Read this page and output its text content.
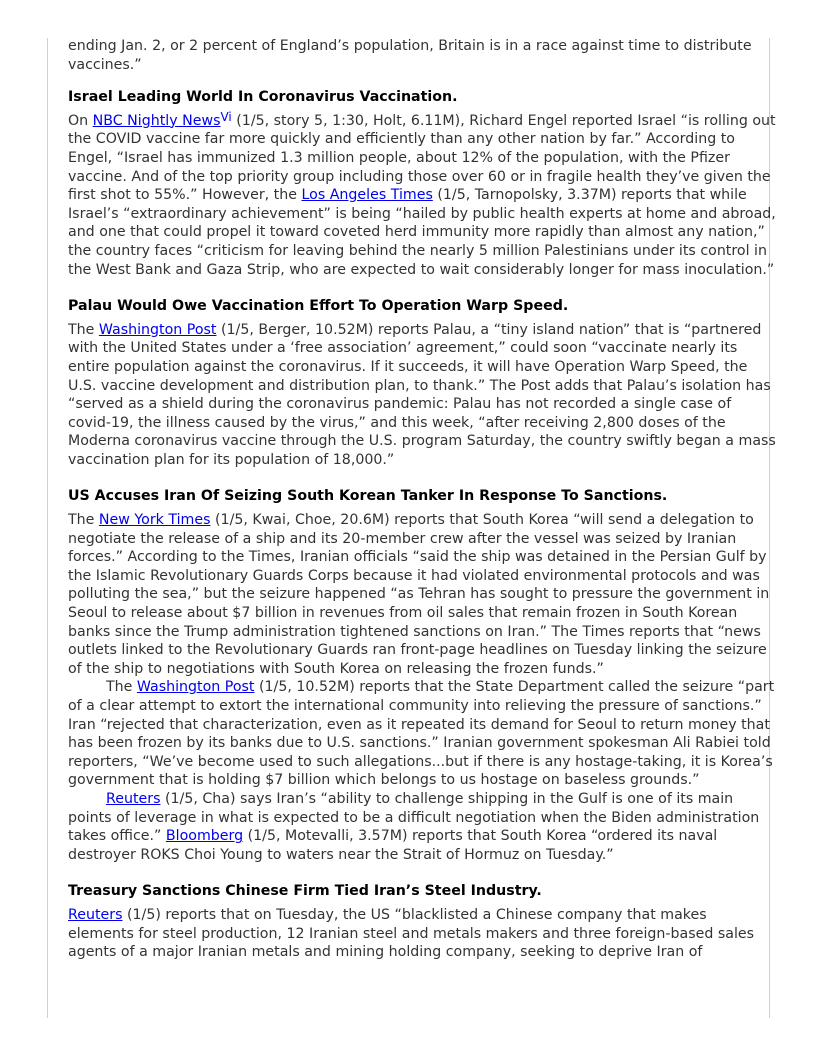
ending Jan. 2, or 2 percent of England’s population, Britain is in a race against time to distribute vaccines.”

Israel Leading World In Coronavirus Vaccination.

On NBC Nightly News$^{Vi}$ (1/5, story 5, 1:30, Holt, 6.11M), Richard Engel reported Israel “is rolling out the COVID vaccine far more quickly and efficiently than any other nation by far.” According to Engel, “Israel has immunized 1.3 million people, about 12% of the population, with the Pfizer vaccine. And of the top priority group including those over 60 or in fragile health they’ve given the first shot to 55%.” However, the Los Angeles Times (1/5, Tarnopolsky, 3.37M) reports that while Israel’s “extraordinary achievement” is being “hailed by public health experts at home and abroad, and one that could propel it toward coveted herd immunity more rapidly than almost any nation,” the country faces “criticism for leaving behind the nearly 5 million Palestinians under its control in the West Bank and Gaza Strip, who are expected to wait considerably longer for mass inoculation.”

Palau Would Owe Vaccination Effort To Operation Warp Speed.

The Washington Post (1/5, Berger, 10.52M) reports Palau, a “tiny island nation” that is “partnered with the United States under a ‘free association’ agreement,” could soon “vaccinate nearly its entire population against the coronavirus. If it succeeds, it will have Operation Warp Speed, the U.S. vaccine development and distribution plan, to thank.” The Post adds that Palau’s isolation has “served as a shield during the coronavirus pandemic: Palau has not recorded a single case of covid-19, the illness caused by the virus,” and this week, “after receiving 2,800 doses of the Moderna coronavirus vaccine through the U.S. program Saturday, the country swiftly began a mass vaccination plan for its population of 18,000.”

US Accuses Iran Of Seizing South Korean Tanker In Response To Sanctions.

The New York Times (1/5, Kwai, Choe, 20.6M) reports that South Korea “will send a delegation to negotiate the release of a ship and its 20-member crew after the vessel was seized by Iranian forces.” According to the Times, Iranian officials “said the ship was detained in the Persian Gulf by the Islamic Revolutionary Guards Corps because it had violated environmental protocols and was polluting the sea,” but the seizure happened “as Tehran has sought to pressure the government in Seoul to release about $7 billion in revenues from oil sales that remain frozen in South Korean banks since the Trump administration tightened sanctions on Iran.” The Times reports that “news outlets linked to the Revolutionary Guards ran front-page headlines on Tuesday linking the seizure of the ship to negotiations with South Korea on releasing the frozen funds.”

The Washington Post (1/5, 10.52M) reports that the State Department called the seizure “part of a clear attempt to extort the international community into relieving the pressure of sanctions.” Iran “rejected that characterization, even as it repeated its demand for Seoul to return money that has been frozen by its banks due to U.S. sanctions.” Iranian government spokesman Ali Rabiei told reporters, “We’ve become used to such allegations...but if there is any hostage-taking, it is Korea’s government that is holding $7 billion which belongs to us hostage on baseless grounds.”

Reuters (1/5, Cha) says Iran’s “ability to challenge shipping in the Gulf is one of its main points of leverage in what is expected to be a difficult negotiation when the Biden administration takes office.” Bloomberg (1/5, Motevalli, 3.57M) reports that South Korea “ordered its naval destroyer ROKS Choi Young to waters near the Strait of Hormuz on Tuesday.”

Treasury Sanctions Chinese Firm Tied Iran’s Steel Industry.

Reuters (1/5) reports that on Tuesday, the US “blacklisted a Chinese company that makes elements for steel production, 12 Iranian steel and metals makers and three foreign-based sales agents of a major Iranian metals and mining holding company, seeking to deprive Iran of
